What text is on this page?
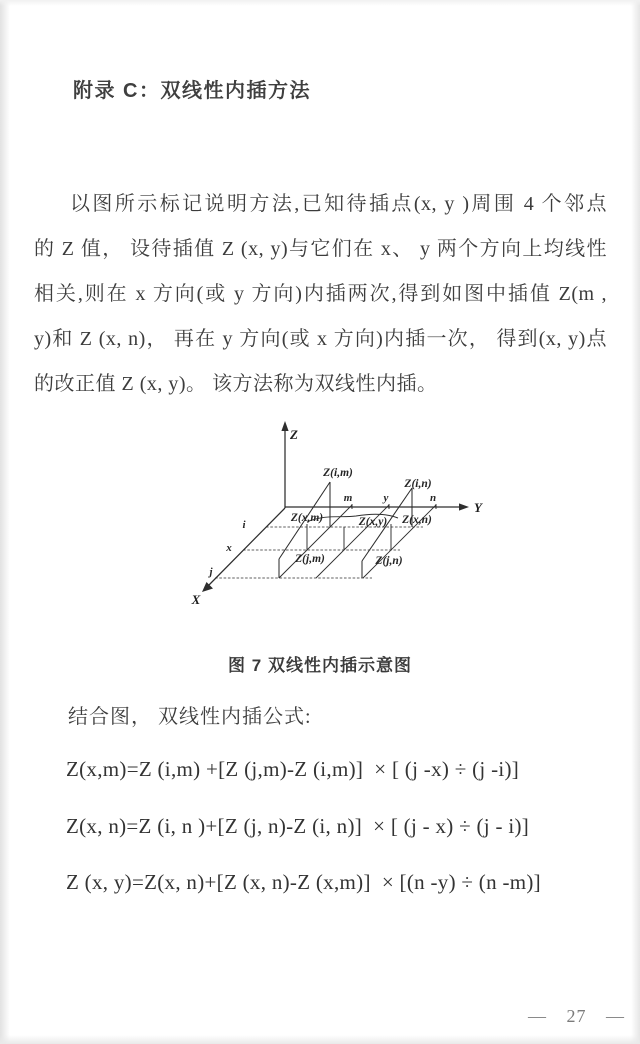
附录 C：双线性内插方法
以图所示标记说明方法,已知待插点(x, y )周围 4 个邻点
的 Z 值， 设待插值 Z (x, y)与它们在 x、 y 两个方向上均线性
相关,则在 x 方向(或 y 方向)内插两次,得到如图中插值 Z(m ,
y)和 Z (x, n)， 再在 y 方向(或 x 方向)内插一次， 得到(x, y)点
的改正值 Z (x, y)。 该方法称为双线性内插。
Z
Y
X
m	y	n
i
x
j
Z(i,m)
Z(i,n)
Z(x,m)	Z(x,y) Z(x,n)
Z(j,m)	Z(j,n)
图 7 双线性内插示意图
结合图， 双线性内插公式:
Z(x,m)=Z (i,m) +[Z (j,m)-Z (i,m)]  × [ (j -x) ÷ (j -i)]
Z(x, n)=Z (i, n )+[Z (j, n)-Z (i, n)]  × [ (j - x) ÷ (j - i)]
Z (x, y)=Z(x, n)+[Z (x, n)-Z (x,m)]  × [(n -y) ÷ (n -m)]
— 27 —
